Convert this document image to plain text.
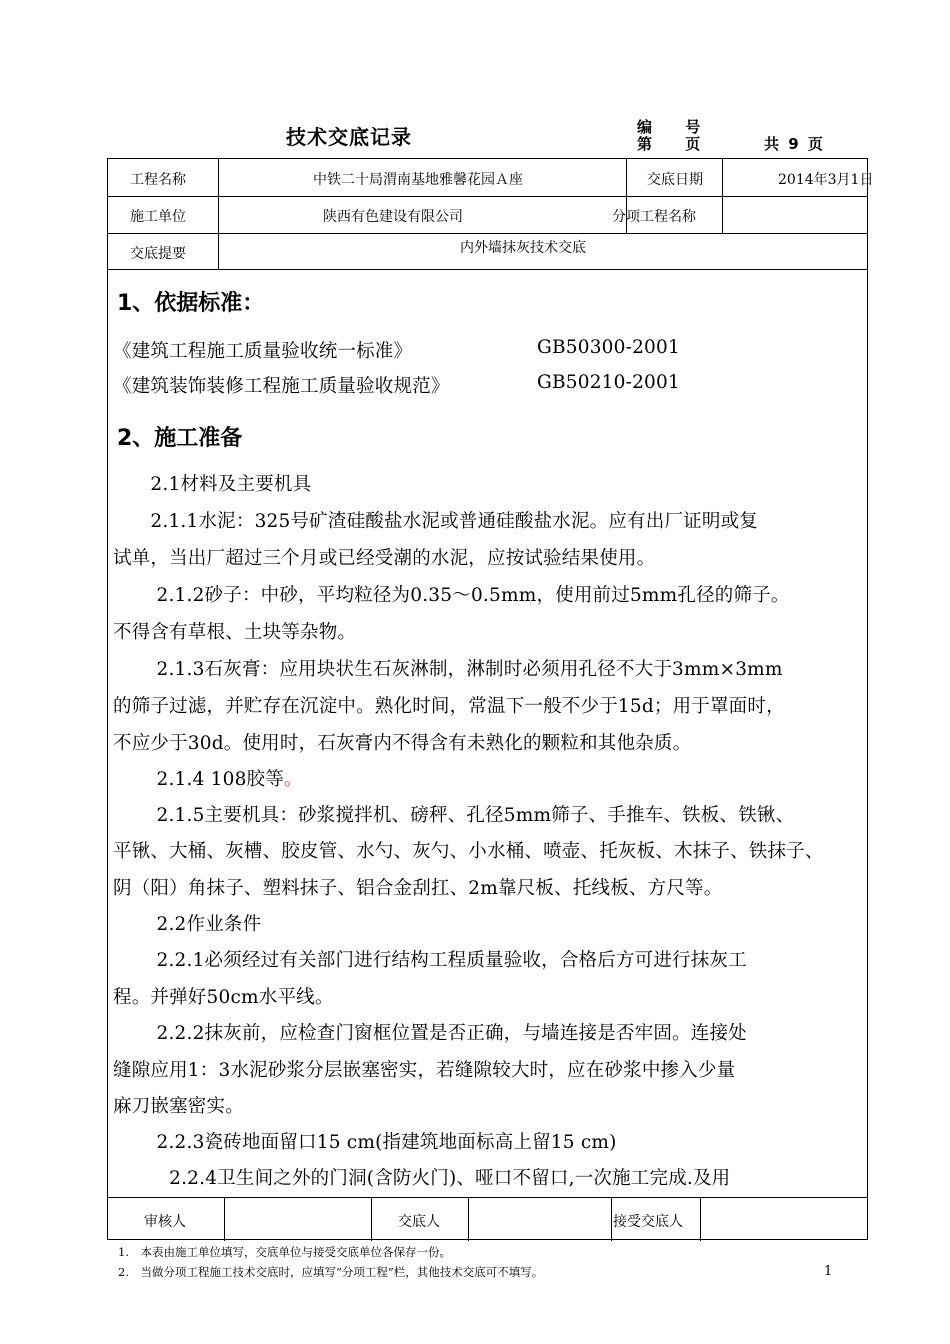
技术交底记录	编 号
第 页	共 9 页
工程名称	中铁二十局渭南基地雅馨花园Ａ座	交底日期	2014年3月1日
施工单位	陕西有色建设有限公司	分项工程名称
交底提要	内外墙抹灰技术交底
审核人	交底人	接受交底人
1、依据标准：
《建筑工程施工质量验收统一标准》	GB50300-2001
《建筑装饰装修工程施工质量验收规范》	GB50210-2001
2、施工准备
　　2.1材料及主要机具
　　2.1.1水泥：325号矿渣硅酸盐水泥或普通硅酸盐水泥。应有出厂证明或复
试单，当出厂超过三个月或已经受潮的水泥，应按试验结果使用。
　　 2.1.2砂子：中砂，平均粒径为0.35～0.5mm，使用前过5mm孔径的筛子。
不得含有草根、土块等杂物。
　　 2.1.3石灰膏：应用块状生石灰淋制，淋制时必须用孔径不大于3mm×3mm
的筛子过滤，并贮存在沉淀中。熟化时间，常温下一般不少于15d；用于罩面时，
不应少于30d。使用时，石灰膏内不得含有未熟化的颗粒和其他杂质。
　　 2.1.4 108胶等。
　　 2.1.5主要机具：砂浆搅拌机、磅秤、孔径5mm筛子、手推车、铁板、铁锹、
平锹、大桶、灰槽、胶皮管、水勺、灰勺、小水桶、喷壶、托灰板、木抹子、铁抹子、
阴（阳）角抹子、塑料抹子、铝合金刮扛、2m靠尺板、托线板、方尺等。
　　 2.2作业条件
　　 2.2.1必须经过有关部门进行结构工程质量验收，合格后方可进行抹灰工
程。并弹好50cm水平线。
　　 2.2.2抹灰前，应检查门窗框位置是否正确，与墙连接是否牢固。连接处
缝隙应用1：3水泥砂浆分层嵌塞密实，若缝隙较大时，应在砂浆中掺入少量
麻刀嵌塞密实。
　　 2.2.3瓷砖地面留口15 cm(指建筑地面标高上留15 cm)
　　　2.2.4卫生间之外的门洞(含防火门)、哑口不留口,一次施工完成.及用
1.　本表由施工单位填写，交底单位与接受交底单位各保存一份。
2.　当做分项工程施工技术交底时，应填写“分项工程”栏，其他技术交底可不填写。	1
